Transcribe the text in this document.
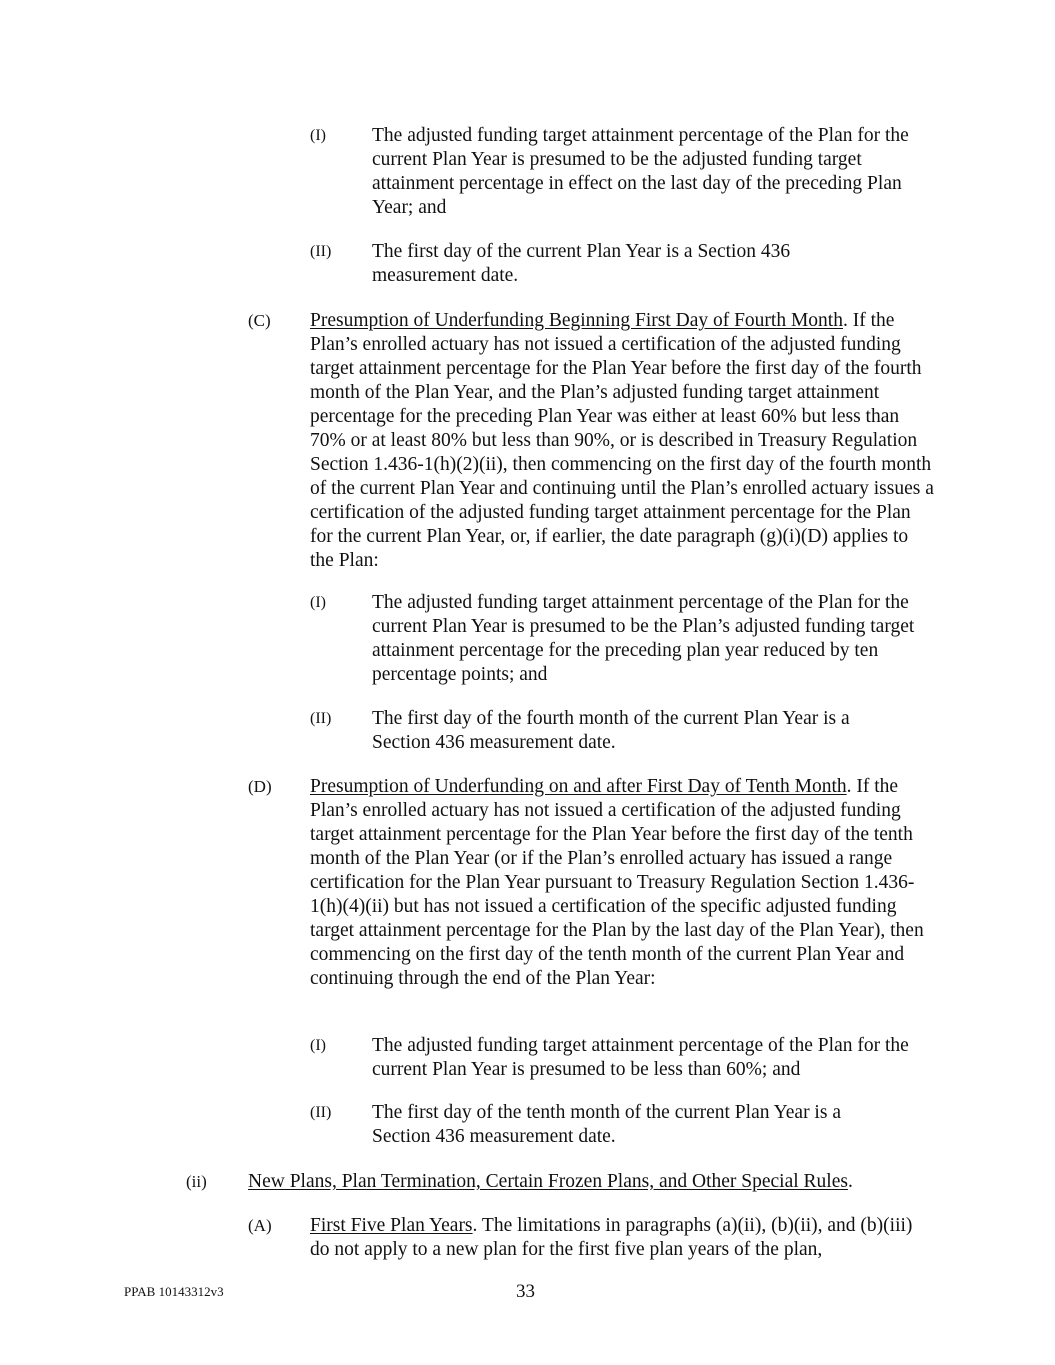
(I) The adjusted funding target attainment percentage of the Plan for the current Plan Year is presumed to be the adjusted funding target attainment percentage in effect on the last day of the preceding Plan Year; and
(II) The first day of the current Plan Year is a Section 436 measurement date.
(C) Presumption of Underfunding Beginning First Day of Fourth Month. If the Plan’s enrolled actuary has not issued a certification of the adjusted funding target attainment percentage for the Plan Year before the first day of the fourth month of the Plan Year, and the Plan’s adjusted funding target attainment percentage for the preceding Plan Year was either at least 60% but less than 70% or at least 80% but less than 90%, or is described in Treasury Regulation Section 1.436-1(h)(2)(ii), then commencing on the first day of the fourth month of the current Plan Year and continuing until the Plan’s enrolled actuary issues a certification of the adjusted funding target attainment percentage for the Plan for the current Plan Year, or, if earlier, the date paragraph (g)(i)(D) applies to the Plan:
(I) The adjusted funding target attainment percentage of the Plan for the current Plan Year is presumed to be the Plan’s adjusted funding target attainment percentage for the preceding plan year reduced by ten percentage points; and
(II) The first day of the fourth month of the current Plan Year is a Section 436 measurement date.
(D) Presumption of Underfunding on and after First Day of Tenth Month. If the Plan’s enrolled actuary has not issued a certification of the adjusted funding target attainment percentage for the Plan Year before the first day of the tenth month of the Plan Year (or if the Plan’s enrolled actuary has issued a range certification for the Plan Year pursuant to Treasury Regulation Section 1.436-1(h)(4)(ii) but has not issued a certification of the specific adjusted funding target attainment percentage for the Plan by the last day of the Plan Year), then commencing on the first day of the tenth month of the current Plan Year and continuing through the end of the Plan Year:
(I) The adjusted funding target attainment percentage of the Plan for the current Plan Year is presumed to be less than 60%; and
(II) The first day of the tenth month of the current Plan Year is a Section 436 measurement date.
(ii) New Plans, Plan Termination, Certain Frozen Plans, and Other Special Rules.
(A) First Five Plan Years. The limitations in paragraphs (a)(ii), (b)(ii), and (b)(iii) do not apply to a new plan for the first five plan years of the plan,
PPAB 10143312v3	33
